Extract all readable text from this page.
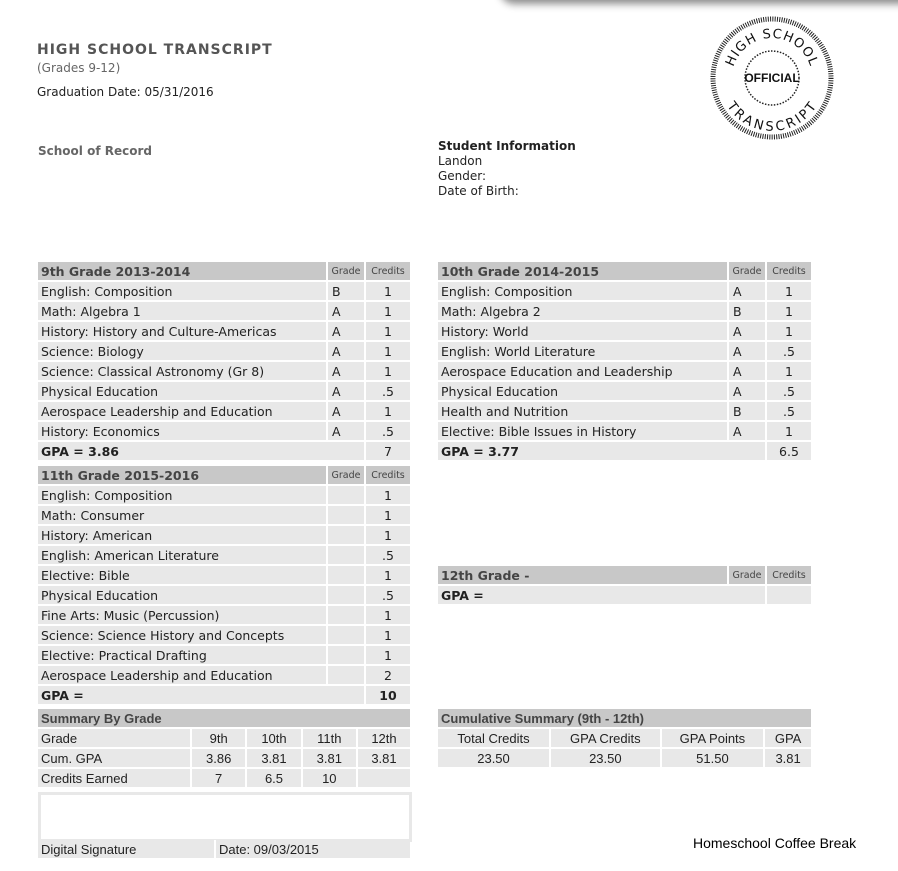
HIGH SCHOOL TRANSCRIPT
(Grades 9-12)
Graduation Date: 05/31/2016
HIGH SCHOOL
TRANSCRIPT
OFFICIAL
School of Record	Student Information
Landon
Gender:
Date of Birth:
9th Grade 2013-2014	Grade	Credits
English: Composition	B	1
Math: Algebra 1	A	1
History: History and Culture-Americas	A	1
Science: Biology	A	1
Science: Classical Astronomy (Gr 8)	A	1
Physical Education	A	.5
Aerospace Leadership and Education	A	1
History: Economics	A	.5
GPA = 3.86		7
10th Grade 2014-2015	Grade	Credits
English: Composition	A	1
Math: Algebra 2	B	1
History: World	A	1
English: World Literature	A	.5
Aerospace Education and Leadership	A	1
Physical Education	A	.5
Health and Nutrition	B	.5
Elective: Bible Issues in History	A	1
GPA = 3.77		6.5
11th Grade 2015-2016	Grade	Credits
English: Composition		1
Math: Consumer		1
History: American		1
English: American Literature		.5
Elective: Bible		1
Physical Education		.5
Fine Arts: Music (Percussion)		1
Science: Science History and Concepts		1
Elective: Practical Drafting		1
Aerospace Leadership and Education		2
GPA =		10
12th Grade -	Grade	Credits
GPA =		
Summary By Grade				
Grade	9th	10th	11th	12th
Cum. GPA	3.86	3.81	3.81	3.81
Credits Earned	7	6.5	10	
Cumulative Summary (9th - 12th)			
Total Credits	GPA Credits	GPA Points	GPA
23.50	23.50	51.50	3.81
Digital Signature	Date: 09/03/2015	Homeschool Coffee Break
